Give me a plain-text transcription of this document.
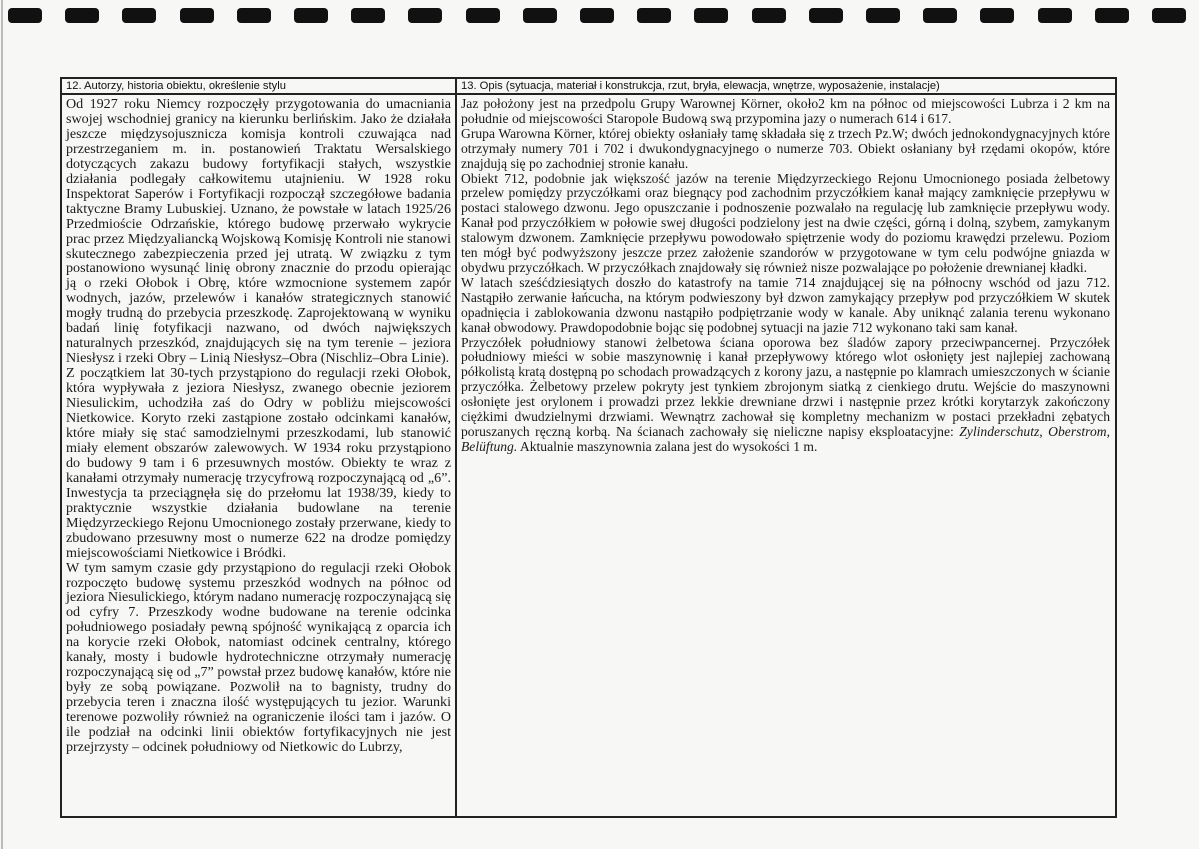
12. Autorzy, historia obiektu, określenie stylu

Od 1927 roku Niemcy rozpoczęły przygotowania do umacniania swojej wschodniej granicy na kierunku berlińskim. Jako że działała jeszcze międzysojusznicza komisja kontroli czuwająca nad przestrzeganiem m. in. postanowień Traktatu Wersalskiego dotyczących zakazu budowy fortyfikacji stałych, wszystkie działania podlegały całkowitemu utajnieniu. W 1928 roku Inspektorat Saperów i Fortyfikacji rozpoczął szczegółowe badania taktyczne Bramy Lubuskiej. Uznano, że powstałe w latach 1925/26 Przedmioście Odrzańskie, którego budowę przerwało wykrycie prac przez Międzyaliancką Wojskową Komisję Kontroli nie stanowi skutecznego zabezpieczenia przed jej utratą. W związku z tym postanowiono wysunąć linię obrony znacznie do przodu opierając ją o rzeki Ołobok i Obrę, które wzmocnione systemem zapór wodnych, jazów, przelewów i kanałów strategicznych stanowić mogły trudną do przebycia przeszkodę. Zaprojektowaną w wyniku badań linię fotyfikacji nazwano, od dwóch największych naturalnych przeszkód, znajdujących się na tym terenie – jeziora Niesłysz i rzeki Obry – Linią Niesłysz–Obra (Nischliz–Obra Linie).

Z początkiem lat 30-tych przystąpiono do regulacji rzeki Ołobok, która wypływała z jeziora Niesłysz, zwanego obecnie jeziorem Niesulickim, uchodziła zaś do Odry w pobliżu miejscowości Nietkowice. Koryto rzeki zastąpione zostało odcinkami kanałów, które miały się stać samodzielnymi przeszkodami, lub stanowić miały element obszarów zalewowych. W 1934 roku przystąpiono do budowy 9 tam i 6 przesuwnych mostów. Obiekty te wraz z kanałami otrzymały numerację trzycyfrową rozpoczynającą od „6”. Inwestycja ta przeciągnęła się do przełomu lat 1938/39, kiedy to praktycznie wszystkie działania budowlane na terenie Międzyrzeckiego Rejonu Umocnionego zostały przerwane, kiedy to zbudowano przesuwny most o numerze 622 na drodze pomiędzy miejscowościami Nietkowice i Bródki.

W tym samym czasie gdy przystąpiono do regulacji rzeki Ołobok rozpoczęto budowę systemu przeszkód wodnych na północ od jeziora Niesulickiego, którym nadano numerację rozpoczynającą się od cyfry 7. Przeszkody wodne budowane na terenie odcinka południowego posiadały pewną spójność wynikającą z oparcia ich na korycie rzeki Ołobok, natomiast odcinek centralny, którego kanały, mosty i budowle hydrotechniczne otrzymały numerację rozpoczynającą się od „7” powstał przez budowę kanałów, które nie były ze sobą powiązane. Pozwolił na to bagnisty, trudny do przebycia teren i znaczna ilość występujących tu jezior. Warunki terenowe pozwoliły również na ograniczenie ilości tam i jazów. O ile podział na odcinki linii obiektów fortyfikacyjnych nie jest przejrzysty – odcinek południowy od Nietkowic do Lubrzy,

13. Opis (sytuacja, materiał i konstrukcja, rzut, bryła, elewacja, wnętrze, wyposażenie, instalacje)

Jaz położony jest na przedpolu Grupy Warownej Körner, około2 km na północ od miejscowości Lubrza i 2 km na południe od miejscowości Staropole Budową swą przypomina jazy o numerach 614 i 617.

Grupa Warowna Körner, której obiekty osłaniały tamę składała się z trzech Pz.W; dwóch jednokondygnacyjnych które otrzymały numery 701 i 702 i dwukondygnacyjnego o numerze 703. Obiekt osłaniany był rzędami okopów, które znajdują się po zachodniej stronie kanału.

Obiekt 712, podobnie jak większość jazów na terenie Międzyrzeckiego Rejonu Umocnionego posiada żelbetowy przelew pomiędzy przyczółkami oraz biegnący pod zachodnim przyczółkiem kanał mający zamknięcie przepływu w postaci stalowego dzwonu. Jego opuszczanie i podnoszenie pozwalało na regulację lub zamknięcie przepływu wody. Kanał pod przyczółkiem w połowie swej długości podzielony jest na dwie części, górną i dolną, szybem, zamykanym stalowym dzwonem. Zamknięcie przepływu powodowało spiętrzenie wody do poziomu krawędzi przelewu. Poziom ten mógł być podwyższony jeszcze przez założenie szandorów w przygotowane w tym celu podwójne gniazda w obydwu przyczółkach. W przyczółkach znajdowały się również nisze pozwalające po położenie drewnianej kładki.

W latach sześćdziesiątych doszło do katastrofy na tamie 714 znajdującej się na północny wschód od jazu 712. Nastąpiło zerwanie łańcucha, na którym podwieszony był dzwon zamykający przepływ pod przyczółkiem W skutek opadnięcia i zablokowania dzwonu nastąpiło podpiętrzanie wody w kanale. Aby uniknąć zalania terenu wykonano kanał obwodowy. Prawdopodobnie bojąc się podobnej sytuacji na jazie 712 wykonano taki sam kanał.

Przyczółek południowy stanowi żelbetowa ściana oporowa bez śladów zapory przeciwpancernej. Przyczółek południowy mieści w sobie maszynownię i kanał przepływowy którego wlot osłonięty jest najlepiej zachowaną półkolistą kratą dostępną po schodach prowadzących z korony jazu, a następnie po klamrach umieszczonych w ścianie przyczółka. Żelbetowy przelew pokryty jest tynkiem zbrojonym siatką z cienkiego drutu. Wejście do maszynowni osłonięte jest orylonem i prowadzi przez lekkie drewniane drzwi i następnie przez krótki korytarzyk zakończony ciężkimi dwudzielnymi drzwiami. Wewnątrz zachował się kompletny mechanizm w postaci przekładni zębatych poruszanych ręczną korbą. Na ścianach zachowały się nieliczne napisy eksploatacyjne: Zylinderschutz, Oberstrom, Belüftung. Aktualnie maszynownia zalana jest do wysokości 1 m.
